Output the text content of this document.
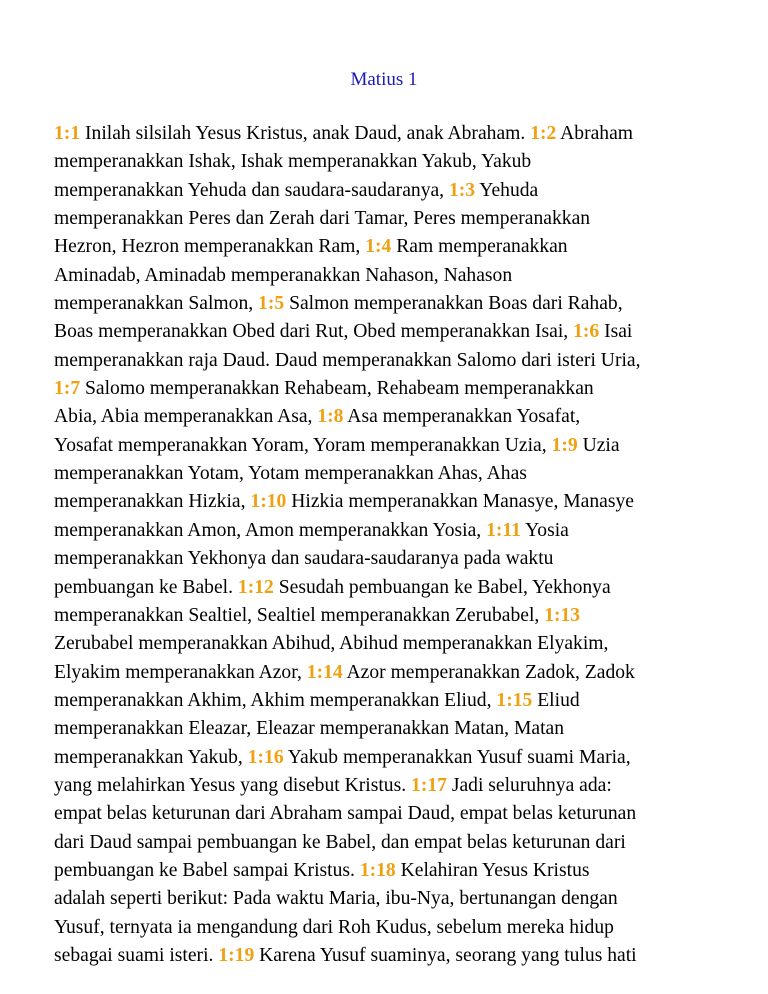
Matius 1
1:1 Inilah silsilah Yesus Kristus, anak Daud, anak Abraham. 1:2 Abraham
memperanakkan Ishak, Ishak memperanakkan Yakub, Yakub
memperanakkan Yehuda dan saudara-saudaranya, 1:3 Yehuda
memperanakkan Peres dan Zerah dari Tamar, Peres memperanakkan
Hezron, Hezron memperanakkan Ram, 1:4 Ram memperanakkan
Aminadab, Aminadab memperanakkan Nahason, Nahason
memperanakkan Salmon, 1:5 Salmon memperanakkan Boas dari Rahab,
Boas memperanakkan Obed dari Rut, Obed memperanakkan Isai, 1:6 Isai
memperanakkan raja Daud. Daud memperanakkan Salomo dari isteri Uria,
1:7 Salomo memperanakkan Rehabeam, Rehabeam memperanakkan
Abia, Abia memperanakkan Asa, 1:8 Asa memperanakkan Yosafat,
Yosafat memperanakkan Yoram, Yoram memperanakkan Uzia, 1:9 Uzia
memperanakkan Yotam, Yotam memperanakkan Ahas, Ahas
memperanakkan Hizkia, 1:10 Hizkia memperanakkan Manasye, Manasye
memperanakkan Amon, Amon memperanakkan Yosia, 1:11 Yosia
memperanakkan Yekhonya dan saudara-saudaranya pada waktu
pembuangan ke Babel. 1:12 Sesudah pembuangan ke Babel, Yekhonya
memperanakkan Sealtiel, Sealtiel memperanakkan Zerubabel, 1:13
Zerubabel memperanakkan Abihud, Abihud memperanakkan Elyakim,
Elyakim memperanakkan Azor, 1:14 Azor memperanakkan Zadok, Zadok
memperanakkan Akhim, Akhim memperanakkan Eliud, 1:15 Eliud
memperanakkan Eleazar, Eleazar memperanakkan Matan, Matan
memperanakkan Yakub, 1:16 Yakub memperanakkan Yusuf suami Maria,
yang melahirkan Yesus yang disebut Kristus. 1:17 Jadi seluruhnya ada:
empat belas keturunan dari Abraham sampai Daud, empat belas keturunan
dari Daud sampai pembuangan ke Babel, dan empat belas keturunan dari
pembuangan ke Babel sampai Kristus. 1:18 Kelahiran Yesus Kristus
adalah seperti berikut: Pada waktu Maria, ibu-Nya, bertunangan dengan
Yusuf, ternyata ia mengandung dari Roh Kudus, sebelum mereka hidup
sebagai suami isteri. 1:19 Karena Yusuf suaminya, seorang yang tulus hati
